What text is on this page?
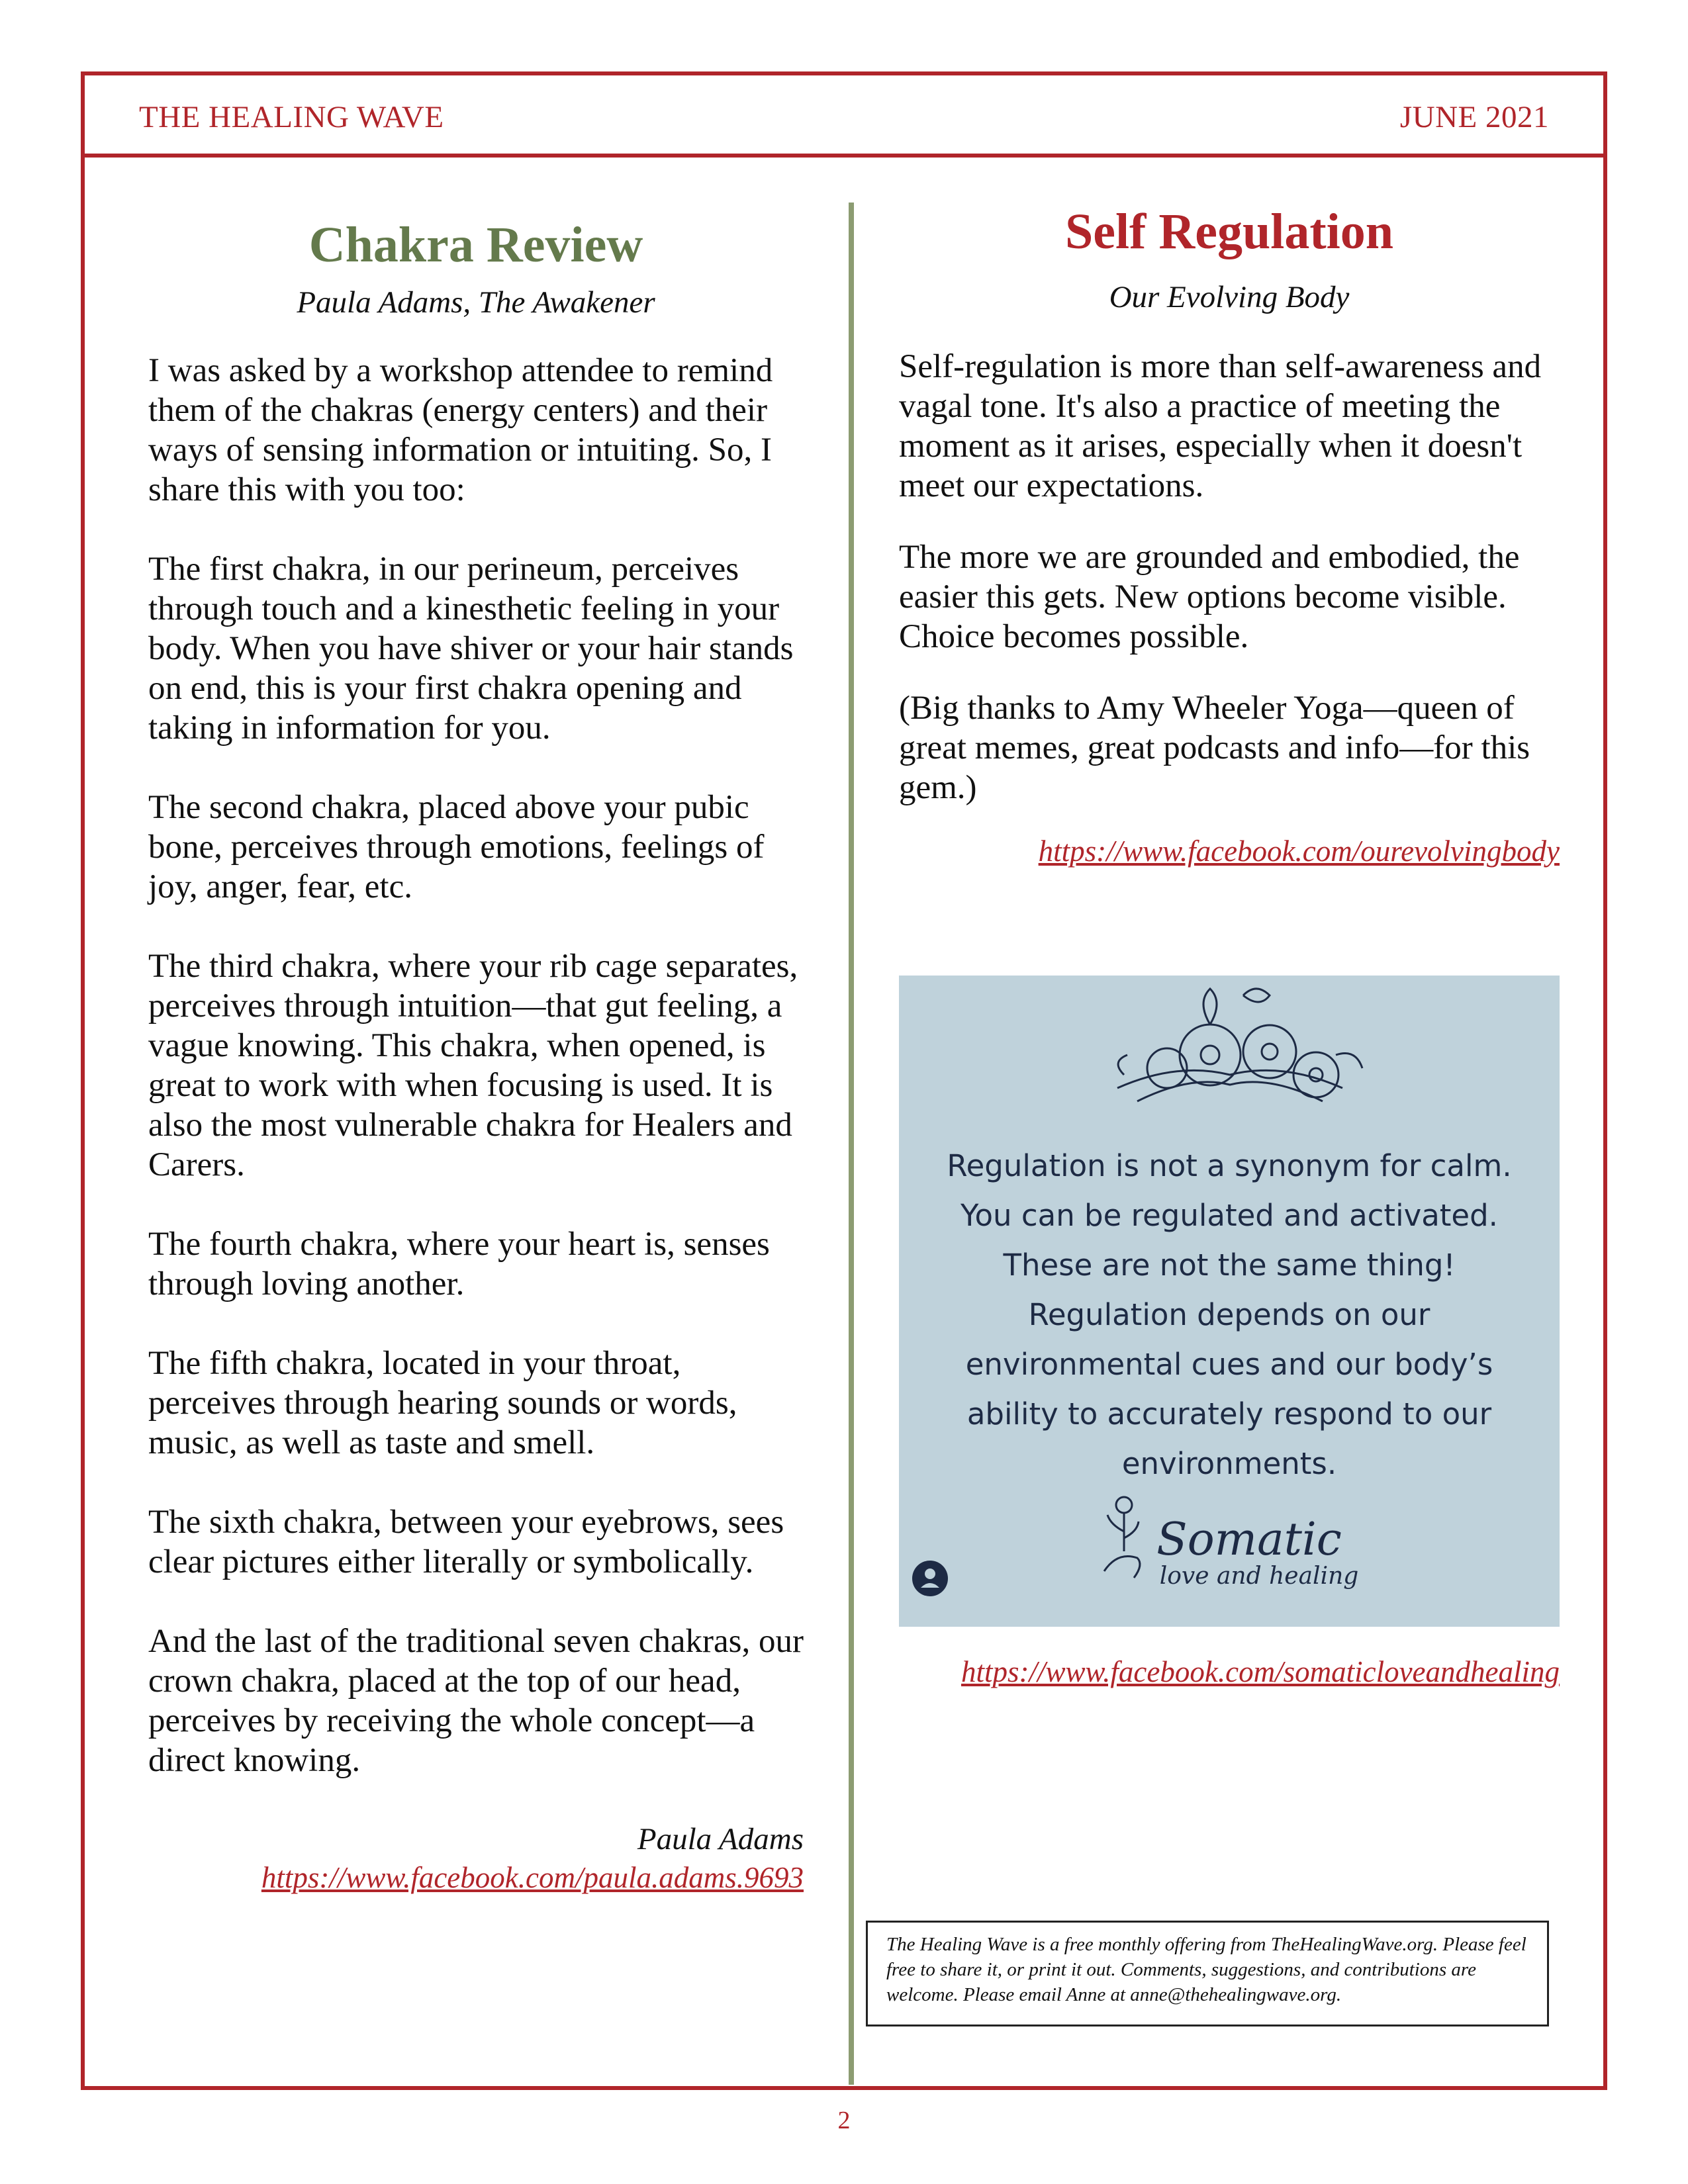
THE HEALING WAVE	JUNE 2021
Chakra Review
Paula Adams, The Awakener

I was asked by a workshop attendee to remind them of the chakras (energy centers) and their ways of sensing information or intuiting. So, I share this with you too:

The first chakra, in our perineum, perceives through touch and a kinesthetic feeling in your body. When you have shiver or your hair stands on end, this is your first chakra opening and taking in information for you.

The second chakra, placed above your pubic bone, perceives through emotions, feelings of joy, anger, fear, etc.

The third chakra, where your rib cage separates, perceives through intuition—that gut feeling, a vague knowing. This chakra, when opened, is great to work with when focusing is used. It is also the most vulnerable chakra for Healers and Carers.

The fourth chakra, where your heart is, senses through loving another.

The fifth chakra, located in your throat, perceives through hearing sounds or words, music, as well as taste and smell.

The sixth chakra, between your eyebrows, sees clear pictures either literally or symbolically.

And the last of the traditional seven chakras, our crown chakra, placed at the top of our head, perceives by receiving the whole concept—a direct knowing.

Paula Adams
https://www.facebook.com/paula.adams.9693
Self Regulation
Our Evolving Body

Self-regulation is more than self-awareness and vagal tone. It's also a practice of meeting the moment as it arises, especially when it doesn't meet our expectations.

The more we are grounded and embodied, the easier this gets. New options become visible. Choice becomes possible.

(Big thanks to Amy Wheeler Yoga—queen of great memes, great podcasts and info—for this gem.)

https://www.facebook.com/ourevolvingbody
Regulation is not a synonym for calm.
You can be regulated and activated.
These are not the same thing!
Regulation depends on our
environmental cues and our body’s
ability to accurately respond to our
environments.
Somatic
love and healing
https://www.facebook.com/somaticloveandhealing
The Healing Wave is a free monthly offering from TheHealingWave.org. Please feel free to share it, or print it out. Comments, suggestions, and contributions are welcome. Please email Anne at anne@thehealingwave.org.
2
